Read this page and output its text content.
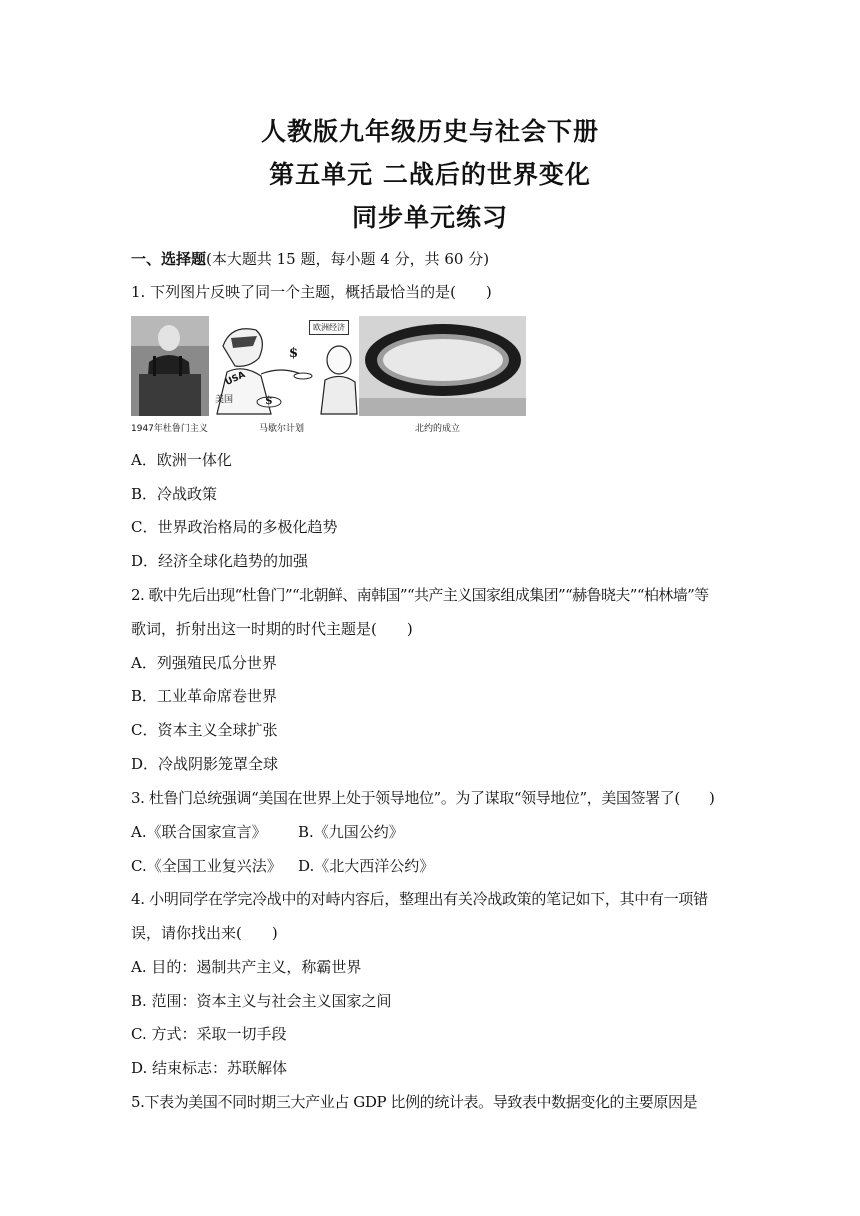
人教版九年级历史与社会下册
第五单元 二战后的世界变化
同步单元练习
一、选择题(本大题共 15 题，每小题 4 分，共 60 分)
1. 下列图片反映了同一个主题，概括最恰当的是(　　)
欧洲经济
USA
美国
$
$
1947年杜鲁门主义	马歇尔计划	北约的成立
A．欧洲一体化
B．冷战政策
C．世界政治格局的多极化趋势
D．经济全球化趋势的加强
2. 歌中先后出现“杜鲁门”“北朝鲜、南韩国”“共产主义国家组成集团”“赫鲁晓夫”“柏林墙”等
歌词，折射出这一时期的时代主题是(　　)
A．列强殖民瓜分世界
B．工业革命席卷世界
C．资本主义全球扩张
D．冷战阴影笼罩全球
3. 杜鲁门总统强调“美国在世界上处于领导地位”。为了谋取“领导地位”，美国签署了(　　)
A.《联合国家宣言》 B.《九国公约》
C.《全国工业复兴法》 D.《北大西洋公约》
4. 小明同学在学完冷战中的对峙内容后，整理出有关冷战政策的笔记如下，其中有一项错
误，请你找出来(　　)
A. 目的：遏制共产主义，称霸世界
B. 范围：资本主义与社会主义国家之间
C. 方式：采取一切手段
D. 结束标志：苏联解体
5.下表为美国不同时期三大产业占 GDP 比例的统计表。导致表中数据变化的主要原因是
